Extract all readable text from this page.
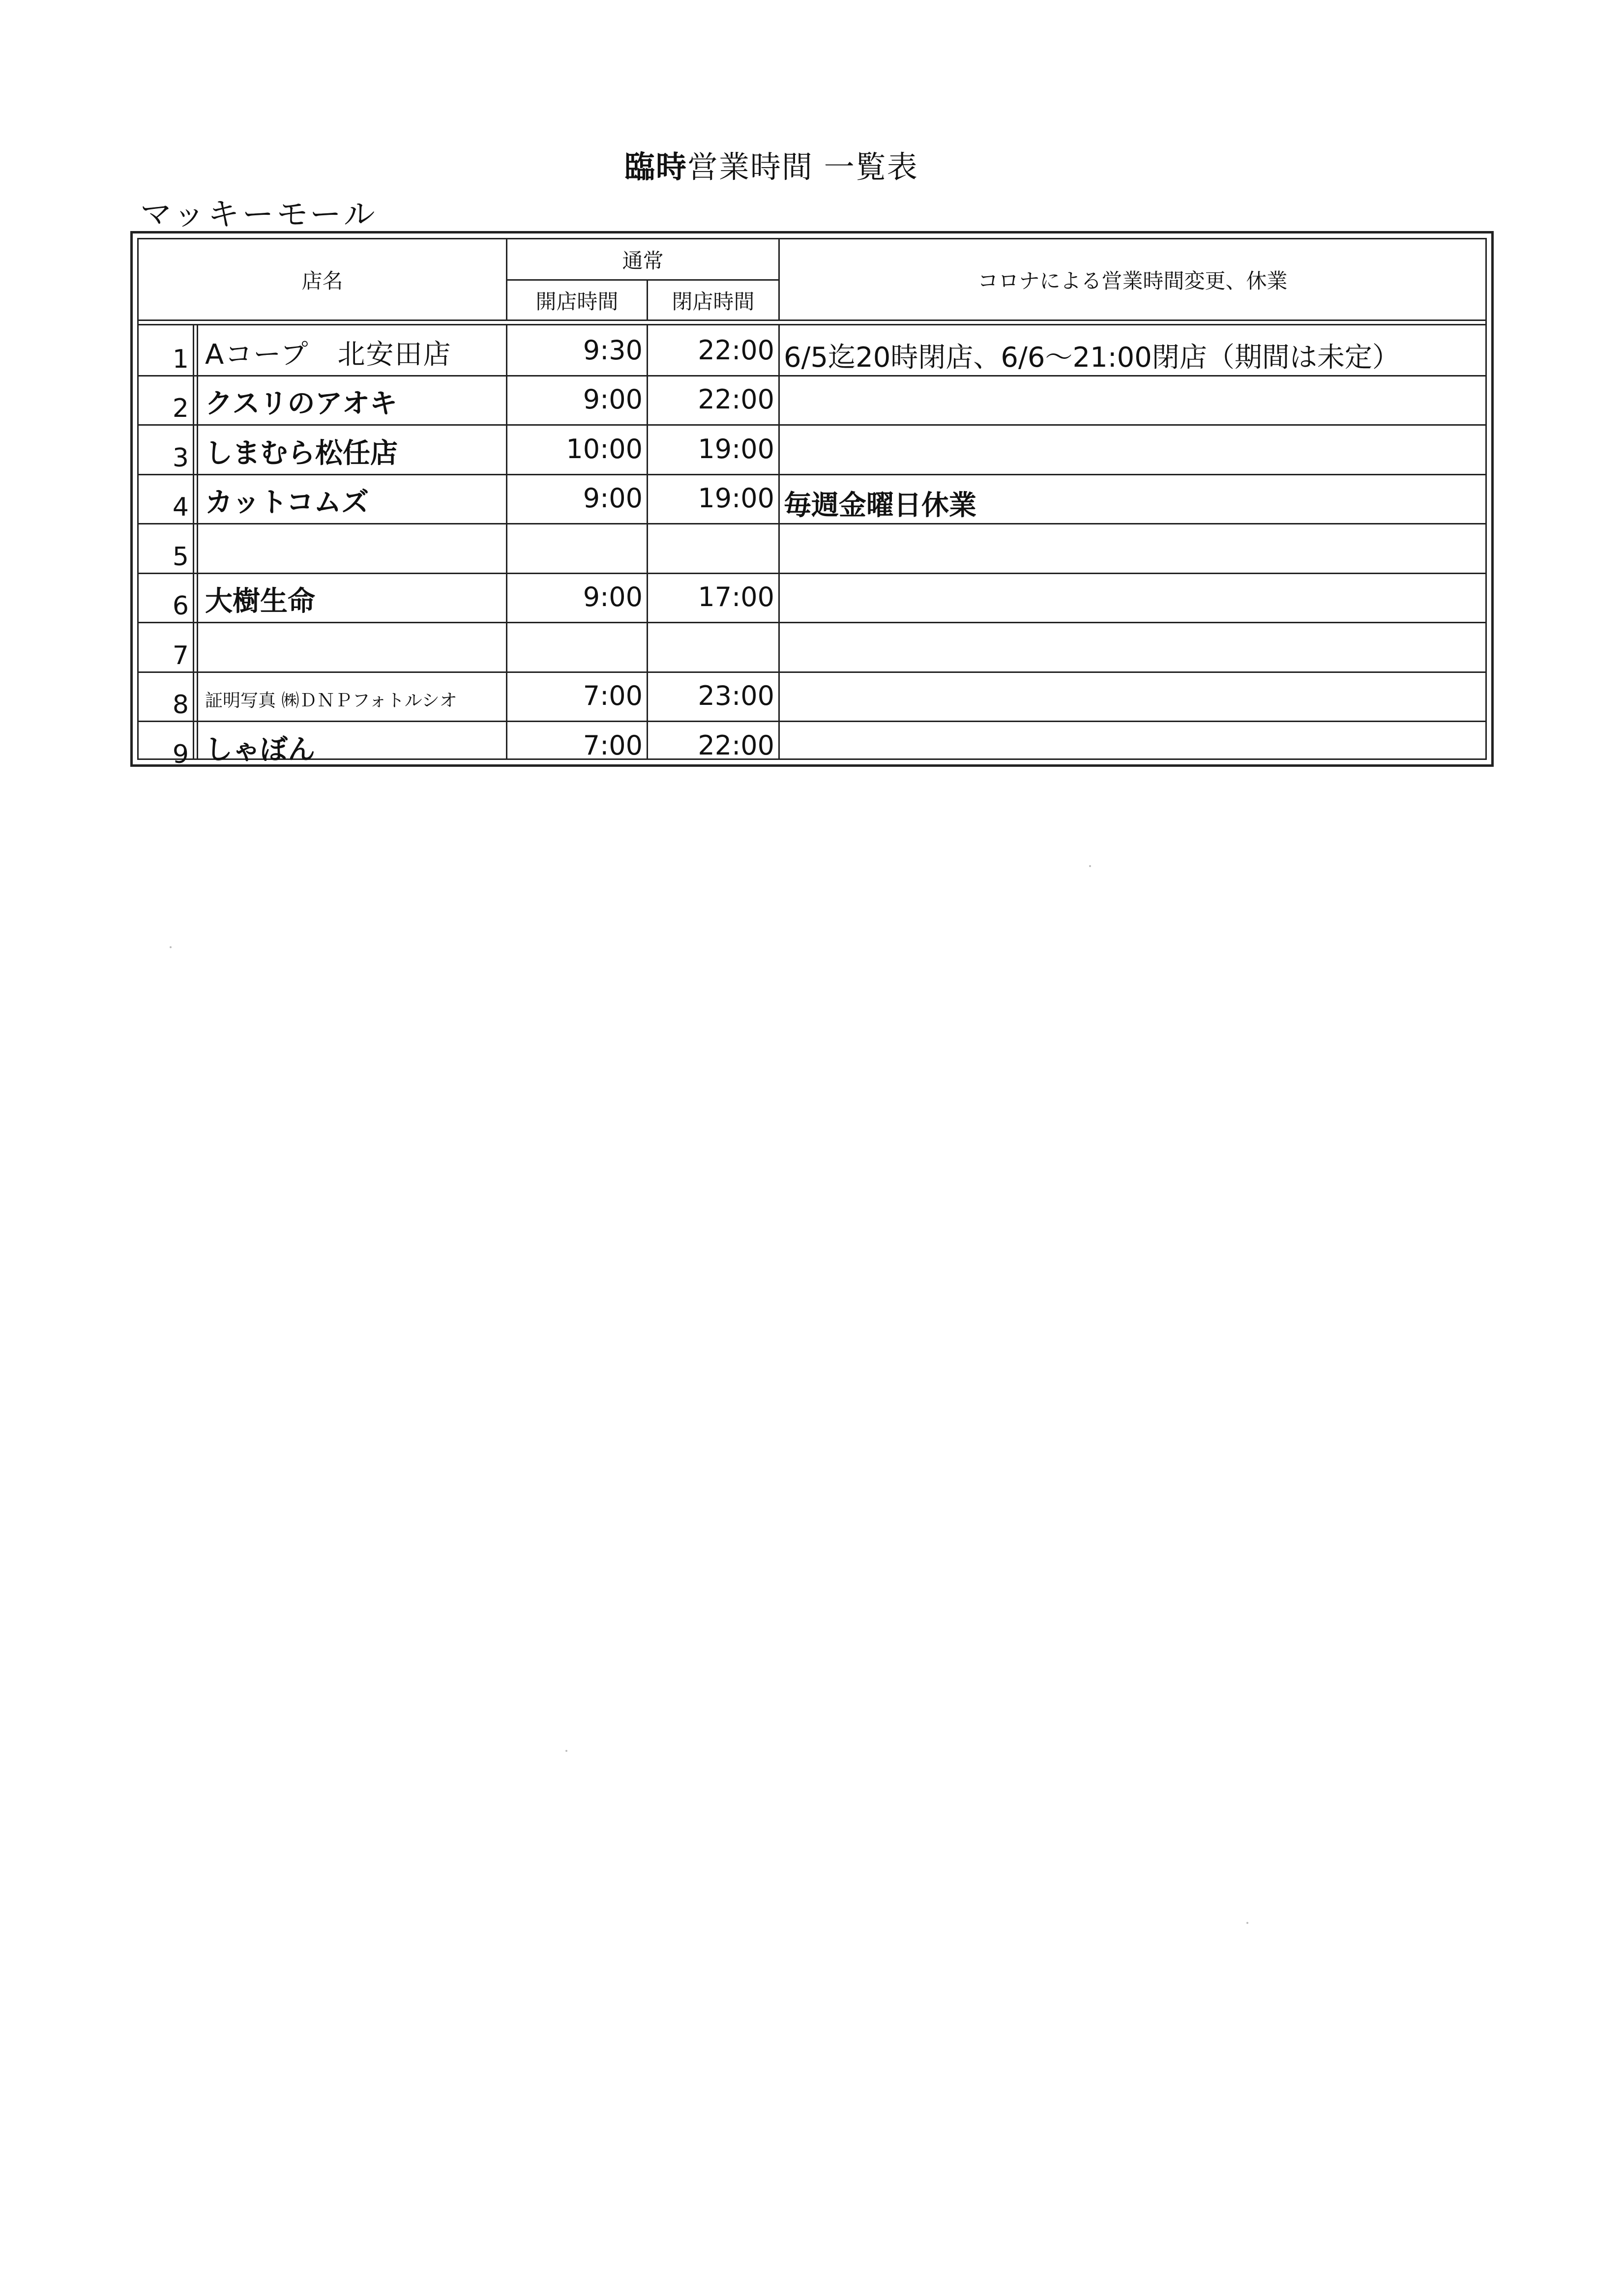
臨時営業時間 一覧表
マッキーモール
店名
通常
開店時間	閉店時間
コロナによる営業時間変更、休業
1 Aコープ　北安田店	9:30	22:00 6/5迄20時閉店、6/6～21:00閉店（期間は未定）
2 クスリのアオキ	9:00	22:00
3 しまむら松任店	10:00	19:00
4 カットコムズ	9:00	19:00 毎週金曜日休業
5
6 大樹生命	9:00	17:00
7
8 証明写真 ㈱ＤＮＰフォトルシオ	7:00	23:00
9 しゃぼん	7:00	22:00
